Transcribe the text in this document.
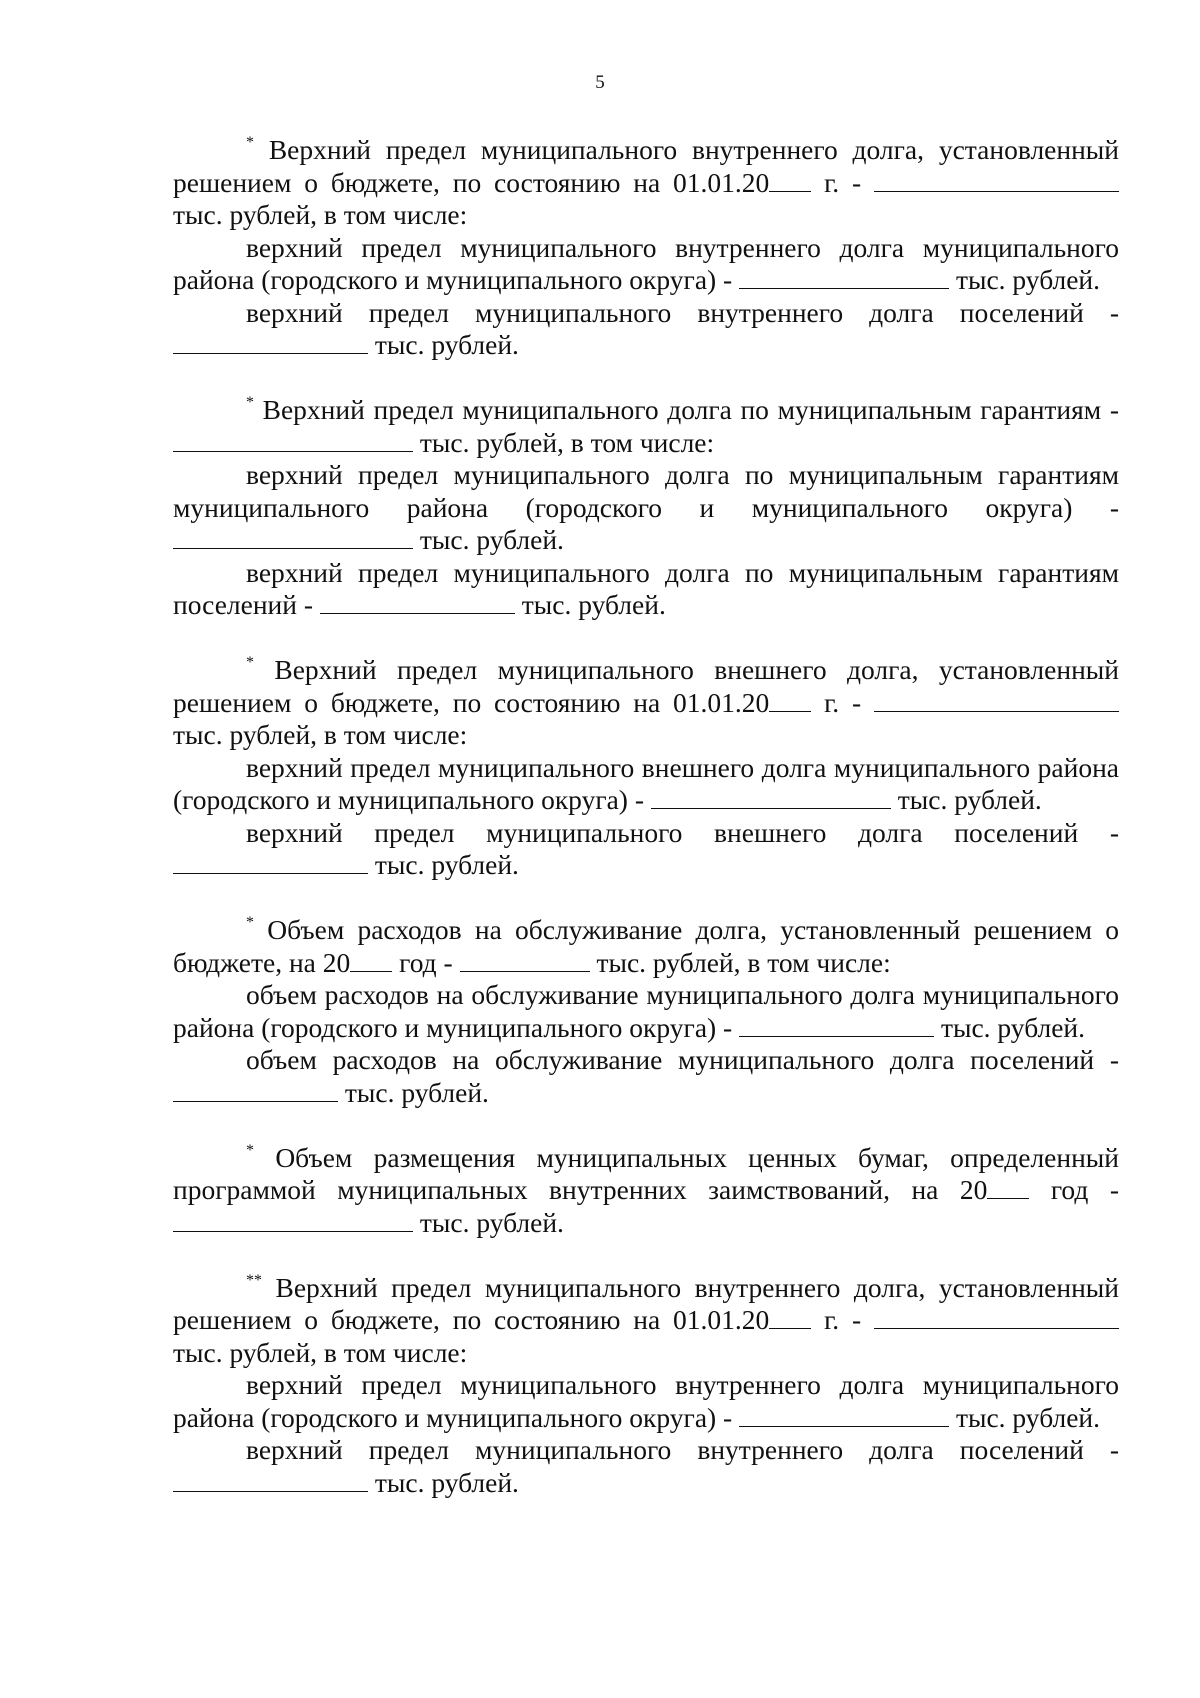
5

* Верхний предел муниципального внутреннего долга, установленный решением о бюджете, по состоянию на 01.01.20 г. -  тыс. рублей, в том числе:

верхний предел муниципального внутреннего долга муниципального района (городского и муниципального округа) -	тыс. рублей.

верхний предел муниципального внутреннего долга поселений -  тыс. рублей.

* Верхний предел муниципального долга по муниципальным гарантиям -  тыс. рублей, в том числе:

верхний предел муниципального долга по муниципальным гарантиям муниципального района (городского и муниципального округа) -  тыс. рублей.

верхний предел муниципального долга по муниципальным гарантиям поселений -	тыс. рублей.

* Верхний предел муниципального внешнего долга, установленный решением о бюджете, по состоянию на 01.01.20 г. -  тыс. рублей, в том числе:

верхний предел муниципального внешнего долга муниципального района (городского и муниципального округа) -	тыс. рублей.

верхний предел муниципального внешнего долга поселений -  тыс. рублей.

* Объем расходов на обслуживание долга, установленный решением о бюджете, на 20 год -	тыс. рублей, в том числе:

объем расходов на обслуживание муниципального долга муниципального района (городского и муниципального округа) -	тыс. рублей.

объем расходов на обслуживание муниципального долга поселений -  тыс. рублей.

* Объем размещения муниципальных ценных бумаг, определенный программой муниципальных внутренних заимствований, на 20 год -  тыс. рублей.

** Верхний предел муниципального внутреннего долга, установленный решением о бюджете, по состоянию на 01.01.20 г. -  тыс. рублей, в том числе:

верхний предел муниципального внутреннего долга муниципального района (городского и муниципального округа) -	тыс. рублей.

верхний предел муниципального внутреннего долга поселений -  тыс. рублей.
